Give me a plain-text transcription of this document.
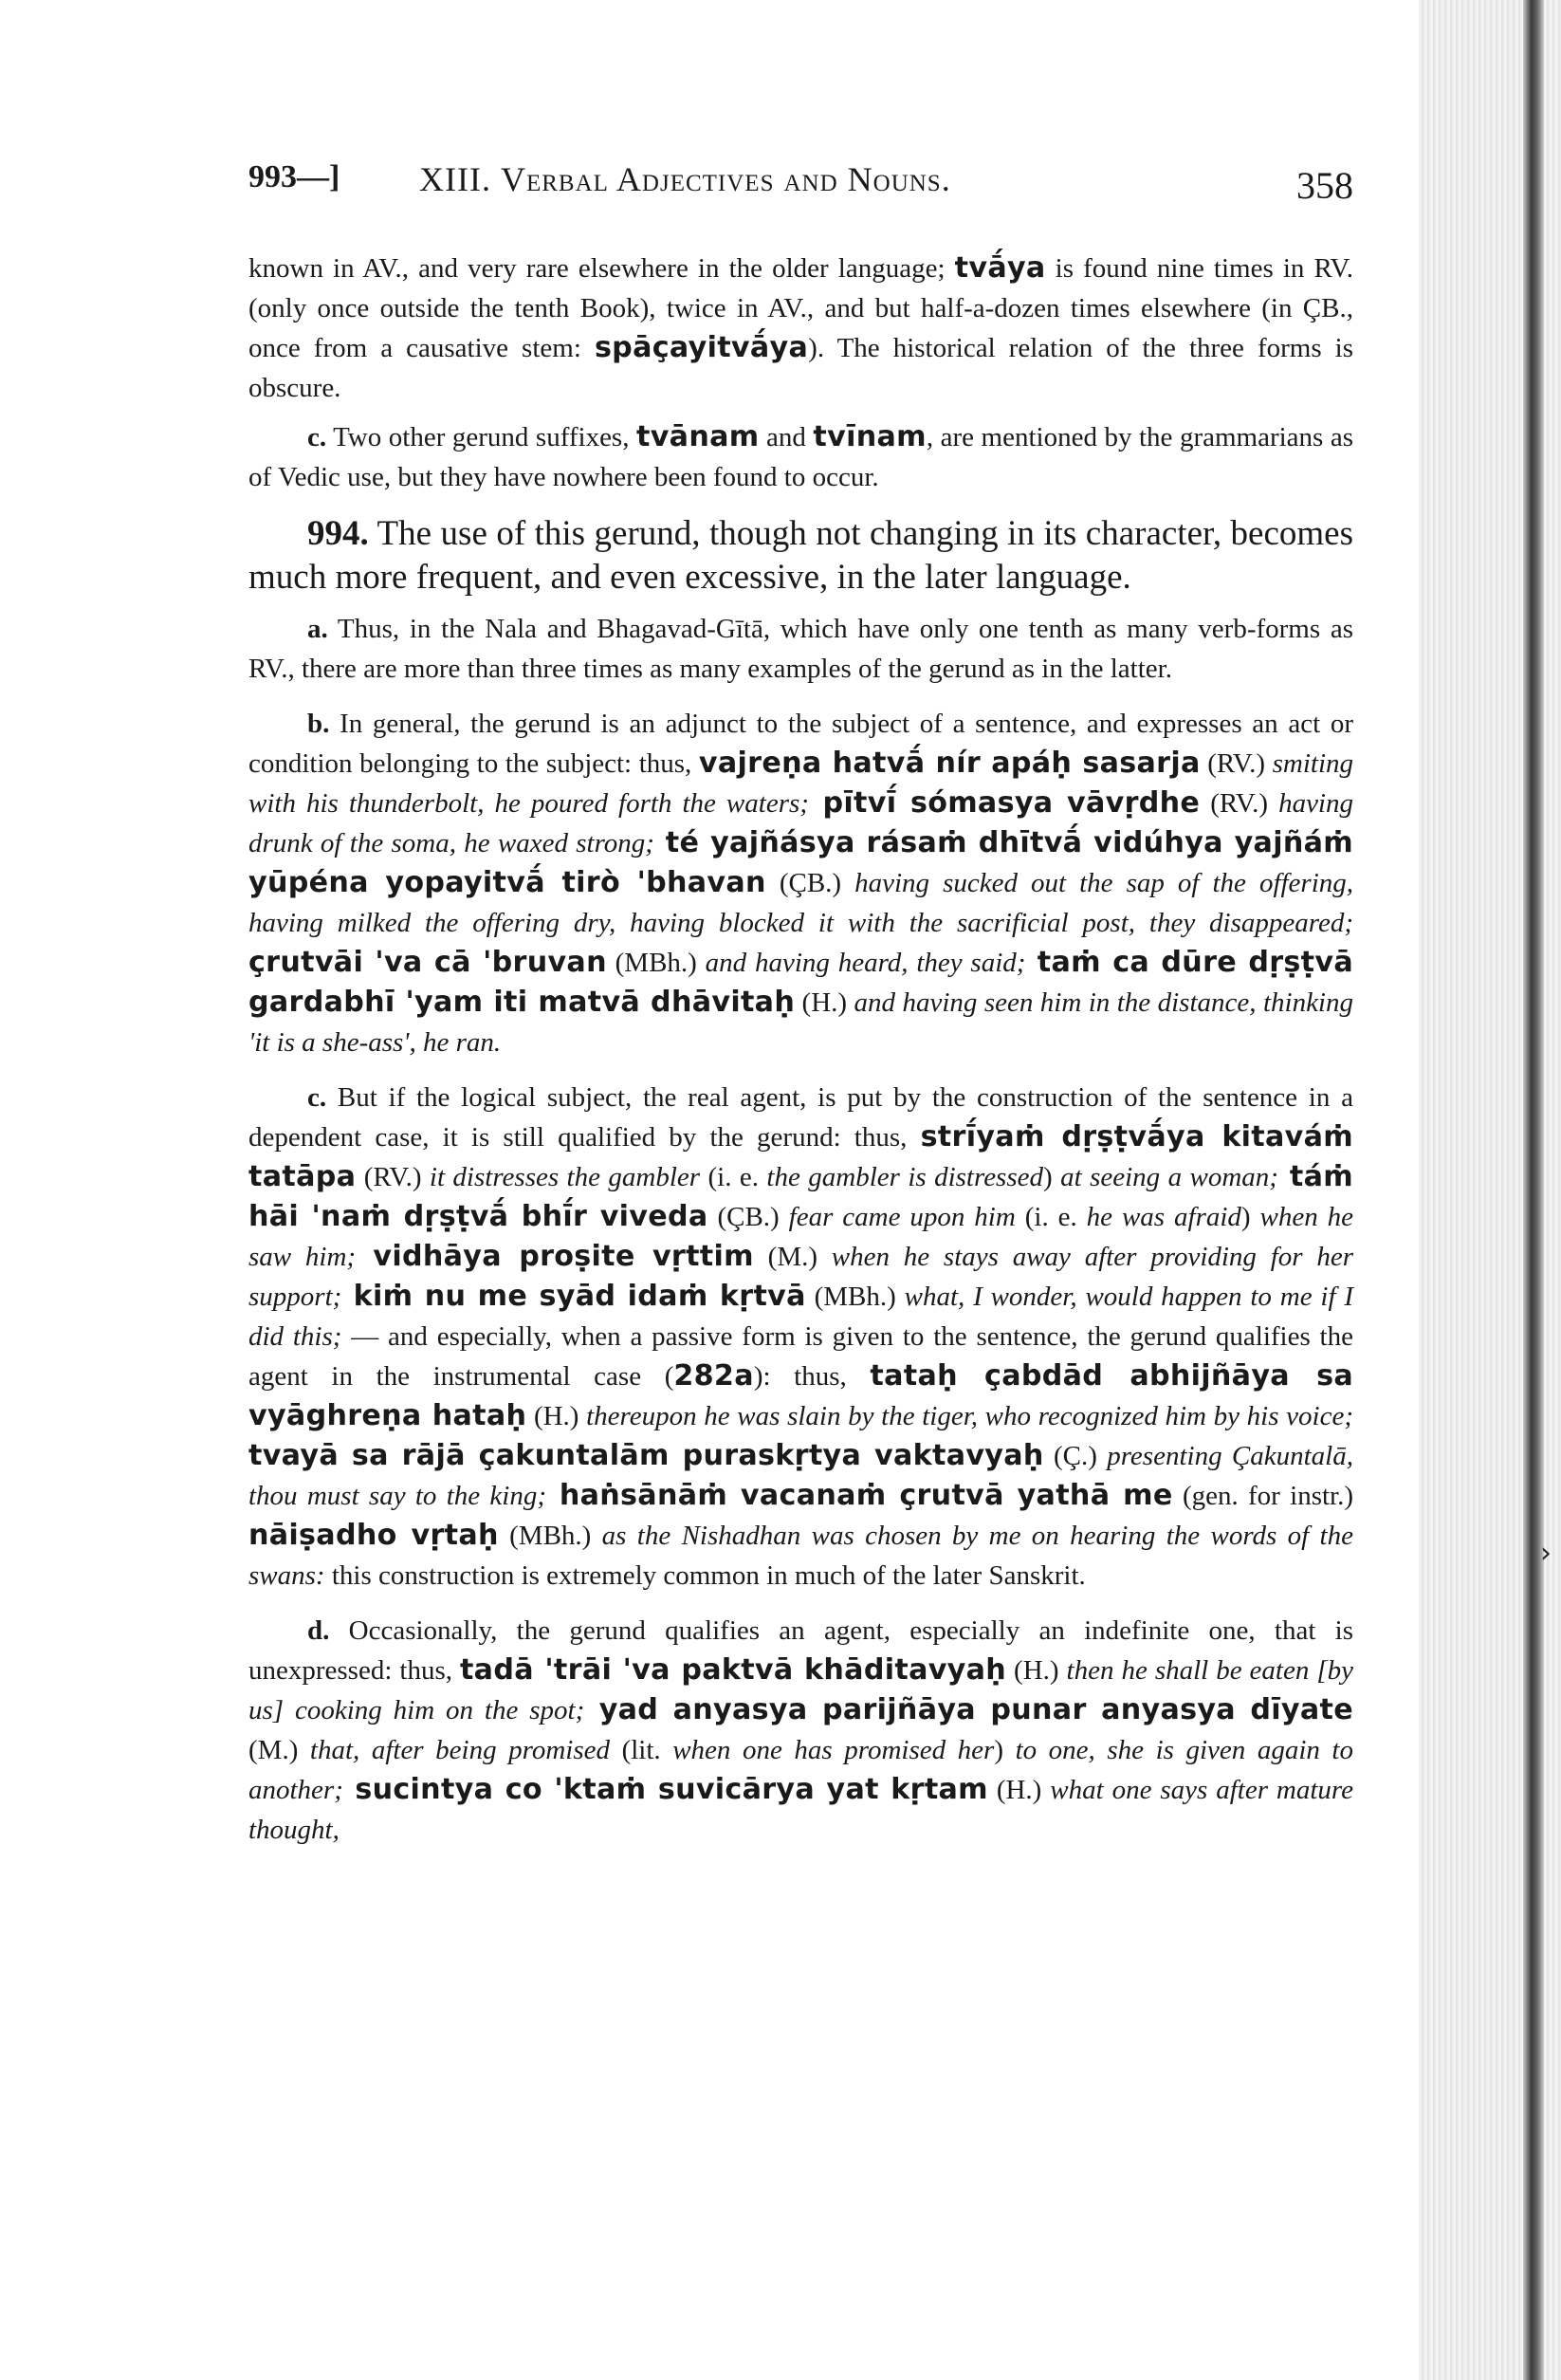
›
993—] XIII. Verbal Adjectives and Nouns.	358

known in AV., and very rare elsewhere in the older language; tvā́ya is found nine times in RV. (only once outside the tenth Book), twice in AV., and but half-a-dozen times elsewhere (in ÇB., once from a causative stem: spāçayitvā́ya). The historical relation of the three forms is obscure.

c. Two other gerund suffixes, tvānam and tvīnam, are mentioned by the grammarians as of Vedic use, but they have nowhere been found to occur.

994. The use of this gerund, though not changing in its character, becomes much more frequent, and even excessive, in the later language.

a. Thus, in the Nala and Bhagavad-Gītā, which have only one tenth as many verb-forms as RV., there are more than three times as many examples of the gerund as in the latter.

b. In general, the gerund is an adjunct to the subject of a sentence, and expresses an act or condition belonging to the subject: thus, vajreṇa hatvā́ nír apáḥ sasarja (RV.) smiting with his thunderbolt, he poured forth the waters; pītvī́ sómasya vāvṛdhe (RV.) having drunk of the soma, he waxed strong; té yajñásya rásaṁ dhītvā́ vidúhya yajñáṁ yūpéna yopayitvā́ tirò 'bhavan (ÇB.) having sucked out the sap of the offering, having milked the offering dry, having blocked it with the sacrificial post, they disappeared; çrutvāi 'va cā 'bruvan (MBh.) and having heard, they said; taṁ ca dūre dṛṣṭvā gardabhī 'yam iti matvā dhāvitaḥ (H.) and having seen him in the distance, thinking 'it is a she-ass', he ran.

c. But if the logical subject, the real agent, is put by the construction of the sentence in a dependent case, it is still qualified by the gerund: thus, strī́yaṁ dṛṣṭvā́ya kitaváṁ tatāpa (RV.) it distresses the gambler (i. e. the gambler is distressed) at seeing a woman; táṁ hāi 'naṁ dṛṣṭvā́ bhī́r viveda (ÇB.) fear came upon him (i. e. he was afraid) when he saw him; vidhāya proṣite vṛttim (M.) when he stays away after providing for her support; kiṁ nu me syād idaṁ kṛtvā (MBh.) what, I wonder, would happen to me if I did this; — and especially, when a passive form is given to the sentence, the gerund qualifies the agent in the instrumental case (282a): thus, tataḥ çabdād abhijñāya sa vyāghreṇa hataḥ (H.) thereupon he was slain by the tiger, who recognized him by his voice; tvayā sa rājā çakuntalām puraskṛtya vaktavyaḥ (Ç.) presenting Çakuntalā, thou must say to the king; haṅsānāṁ vacanaṁ çrutvā yathā me (gen. for instr.) nāiṣadho vṛtaḥ (MBh.) as the Nishadhan was chosen by me on hearing the words of the swans: this construction is extremely common in much of the later Sanskrit.

d. Occasionally, the gerund qualifies an agent, especially an indefinite one, that is unexpressed: thus, tadā 'trāi 'va paktvā khāditavyaḥ (H.) then he shall be eaten [by us] cooking him on the spot; yad anyasya parijñāya punar anyasya dīyate (M.) that, after being promised (lit. when one has promised her) to one, she is given again to another; sucintya co 'ktaṁ suvicārya yat kṛtam (H.) what one says after mature thought,
